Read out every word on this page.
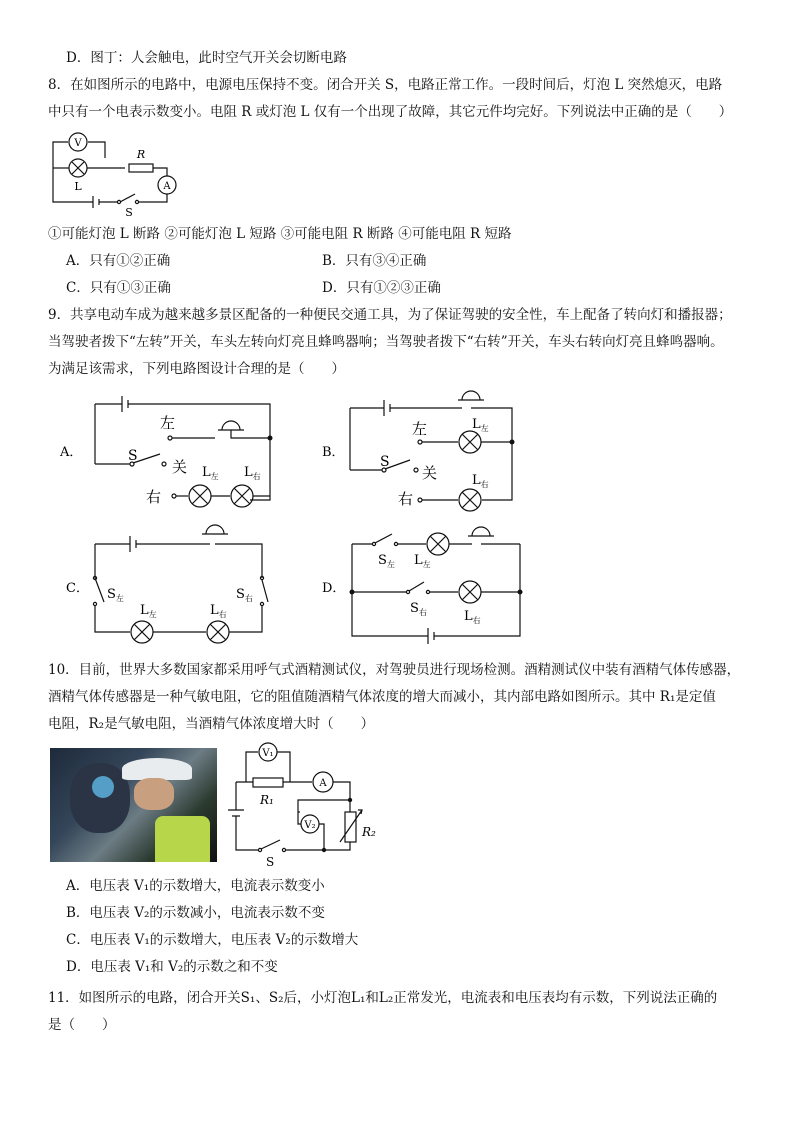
D．图丁：人会触电，此时空气开关会切断电路
8．在如图所示的电路中，电源电压保持不变。闭合开关 S，电路正常工作。一段时间后，灯泡 L 突然熄灭，电路
中只有一个电表示数变小。电阻 R 或灯泡 L 仅有一个出现了故障，其它元件均完好。下列说法中正确的是（　　）
V
L
R
A
S
①可能灯泡 L 断路 ②可能灯泡 L 短路 ③可能电阻 R 断路 ④可能电阻 R 短路
A．只有①②正确	B．只有③④正确
C．只有①③正确	D．只有①②③正确
9．共享电动车成为越来越多景区配备的一种便民交通工具，为了保证驾驶的安全性，车上配备了转向灯和播报器；
当驾驶者拨下“左转”开关，车头左转向灯亮且蜂鸣器响；当驾驶者拨下“右转”开关，车头右转向灯亮且蜂鸣器响。
为满足该需求，下列电路图设计合理的是（　　）
A．
左
S
关
右
$L_左$ $L_右$
B．
左
S
关
右
$L_左$
$L_右$
C． $S_左$	$S_右$
$L_左$	$L_右$
D．
$S_左$ $L_左$
$S_右$	$L_右$
10．目前，世界大多数国家都采用呼气式酒精测试仪，对驾驶员进行现场检测。酒精测试仪中装有酒精气体传感器，
酒精气体传感器是一种气敏电阻，它的阻值随酒精气体浓度的增大而减小，其内部电路如图所示。其中 R₁是定值
电阻，R₂是气敏电阻，当酒精气体浓度增大时（　　）
V₁
A
V₂
R₁
R₂
S
A．电压表 V₁的示数增大，电流表示数变小
B．电压表 V₂的示数减小，电流表示数不变
C．电压表 V₁的示数增大，电压表 V₂的示数增大
D．电压表 V₁和 V₂的示数之和不变
11．如图所示的电路，闭合开关S₁、S₂后，小灯泡L₁和L₂正常发光，电流表和电压表均有示数，下列说法正确的
是（　　）
